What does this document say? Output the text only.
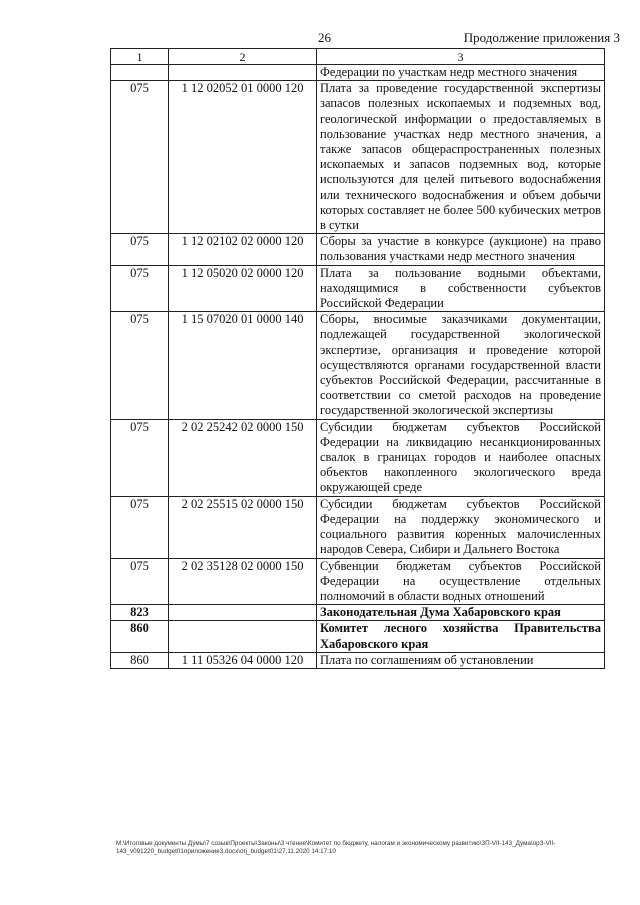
26	Продолжение приложения 3
1	2	3
		Федерации по участкам недр местного значения
075	1 12 02052 01 0000 120	Плата за проведение государственной экспертизы запасов полезных ископаемых и подземных вод, геологической информации о предоставляемых в пользование участках недр местного значения, а также запасов общераспространенных полезных ископаемых и запасов подземных вод, которые используются для целей питьевого водоснабжения или технического водоснабжения и объем добычи которых составляет не более 500 кубических метров в сутки
075	1 12 02102 02 0000 120	Сборы за участие в конкурсе (аукционе) на право пользования участками недр местного значения
075	1 12 05020 02 0000 120	Плата за пользование водными объектами, находящимися в собственности субъектов Российской Федерации
075	1 15 07020 01 0000 140	Сборы, вносимые заказчиками документации, подлежащей государственной экологической экспертизе, организация и проведение которой осуществляются органами государственной власти субъектов Российской Федерации, рассчитанные в соответствии со сметой расходов на проведение государственной экологической экспертизы
075	2 02 25242 02 0000 150	Субсидии бюджетам субъектов Российской Федерации на ликвидацию несанкционированных свалок в границах городов и наиболее опасных объектов накопленного экологического вреда окружающей среде
075	2 02 25515 02 0000 150	Субсидии бюджетам субъектов Российской Федерации на поддержку экономического и социального развития коренных малочисленных народов Севера, Сибири и Дальнего Востока
075	2 02 35128 02 0000 150	Субвенции бюджетам субъектов Российской Федерации на осуществление отдельных полномочий в области водных отношений
823		Законодательная Дума Хабаровского края
860		Комитет лесного хозяйства Правительства Хабаровского края
860	1 11 05326 04 0000 120	Плата по соглашениям об установлении
M:\Итоговые документы Думы\7 созыв\Проекты\Законы\3 чтение\Комитет по бюджету, налогам и экономическому развитию\ЗП-VII-143_Дума\орЗ-VII-143_v091220_budget01приложение3.docx\orj_budget01\27.11.2020 14:17:10
